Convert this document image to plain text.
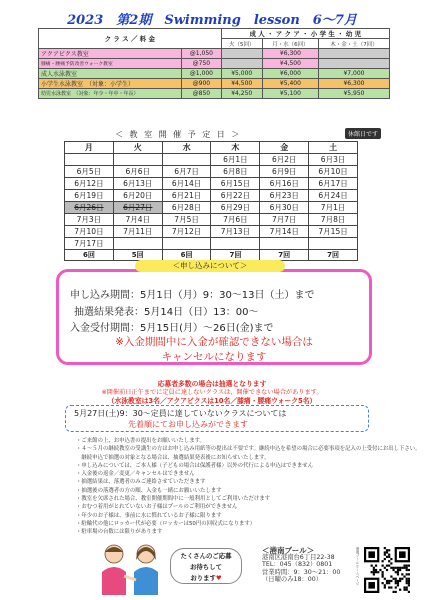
2023　第2期　Swimming　lesson　6〜7月
ク ラ ス ／ 料 金		成 人 ・ ア ク ア ・ 小 学 生 ・ 幼 児		
		火（5回）	月・水（6回）	木・金・土（7回）
アクアビクス教室	@1,050		¥6,300	
膝痛・腰痛予防改善ウォーク教室	@750		¥4,500	
成人水泳教室	@1,000	¥5,000	¥6,000	¥7,000
小学生水泳教室　（対象：小学生）	@900	¥4,500	¥5,400	¥6,300
幼児水泳教室　（対象：年少・年中・年長）	@850	¥4,250	¥5,100	¥5,950
＜ 教 室 開 催 予 定 日 ＞	休館日です
月	火	水	木	金	土
			6月1日	6月2日	6月3日
6月5日	6月6日	6月7日	6月8日	6月9日	6月10日
6月12日	6月13日	6月14日	6月15日	6月16日	6月17日
6月19日	6月20日	6月21日	6月22日	6月23日	6月24日
6月26日	6月27日	6月28日	6月29日	6月30日	7月1日
7月3日	7月4日	7月5日	7月6日	7月7日	7月8日
7月10日	7月11日	7月12日	7月13日	7月14日	7月15日
7月17日					
6回	5回	6回	7回	7回	7回
＜申し込みについて＞
申し込み期間：5月1日（月）9：30〜13日（土）まで
抽選結果発表：5月14日（日）13：00〜
入金受付期間：5月15日(月）〜26日(金)まで
※入金期間中に入金が確認できない場合は
キャンセルになります
応募者多数の場合は抽選となります
※開催前日正午までに定員に達しないクラスは、開催できない場合があります。
（水泳教室は3名／アクアビクスは10名／膝痛・腰痛ウォーク5名）
5月27日(土)9：30〜定員に達していないクラスについては
先着順にてお申し込みができます
・ご来館の上、お申込書の提出をお願いいたします。
・４〜５月の継続教室の受講生の方はお申し込み用紙等の提出は不要です。継続申込を希望の場合に必要事項を記入の上受付にお出し下さい。
　継続申込で抽選の対象となる場合は、抽選結果発表後にお知らせいたします。
・申し込みについては、ご本人様（子どもの場合は保護者様）以外の代行による申込はできません
・入金後の返金／変更／キャンセルはできません
・抽選結果は、落選者のみご連絡させていただきます
・抽選後の落選者の方の順、入金も一緒にお願いいたします
・教室を欠席された場合、教室開催期間中に一般利用としてご利用いただけます
・おむつ着用がとれていないお子様はプールのご利用ができません
・年少のお子様は、事前に水に慣れているお子様に限ります
・駐輪代の他にロッカー代が必要（ロッカーは50円の回収式になります）
・駐車場の台数には限りがあります
たくさんのご応募
お待ちして
おります♥
＜港南プール＞
港南区港南台6丁目22-38
TEL：045（832）0801
営業時間：9：30〜21：00
（日曜のみ18：00）	港南プールホームページ
